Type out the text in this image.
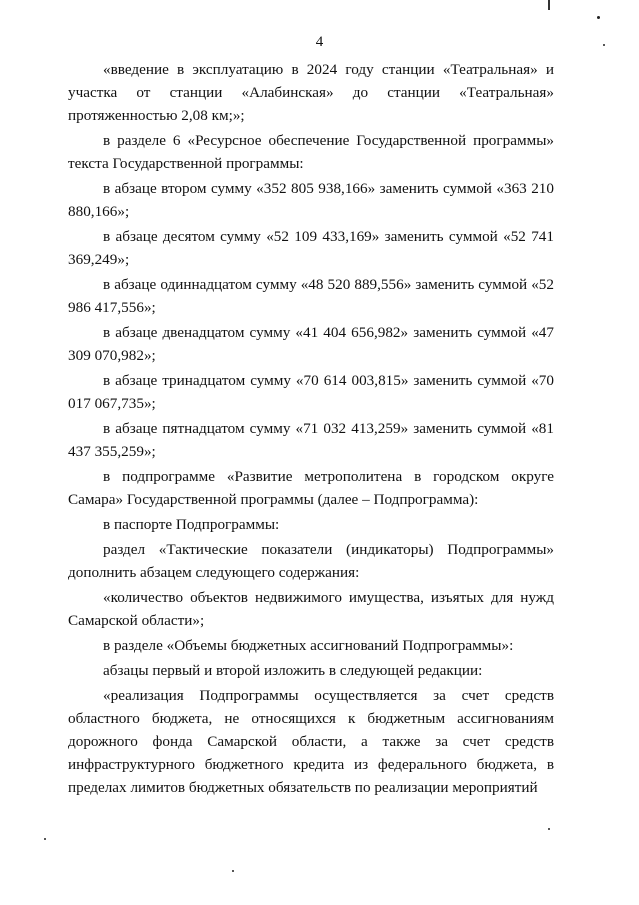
4

«введение в эксплуатацию в 2024 году станции «Театральная» и участка от станции «Алабинская» до станции «Театральная» протяженностью 2,08 км;»;

в разделе 6 «Ресурсное обеспечение Государственной программы» текста Государственной программы:

в абзаце втором сумму «352 805 938,166» заменить суммой «363 210 880,166»;

в абзаце десятом сумму «52 109 433,169» заменить суммой «52 741 369,249»;

в абзаце одиннадцатом сумму «48 520 889,556» заменить суммой «52 986 417,556»;

в абзаце двенадцатом сумму «41 404 656,982» заменить суммой «47 309 070,982»;

в абзаце тринадцатом сумму «70 614 003,815» заменить суммой «70 017 067,735»;

в абзаце пятнадцатом сумму «71 032 413,259» заменить суммой «81 437 355,259»;

в подпрограмме «Развитие метрополитена в городском округе Самара» Государственной программы (далее – Подпрограмма):

в паспорте Подпрограммы:

раздел «Тактические показатели (индикаторы) Подпрограммы» дополнить абзацем следующего содержания:

«количество объектов недвижимого имущества, изъятых для нужд Самарской области»;

в разделе «Объемы бюджетных ассигнований Подпрограммы»:

абзацы первый и второй изложить в следующей редакции:

«реализация Подпрограммы осуществляется за счет средств областного бюджета, не относящихся к бюджетным ассигнованиям дорожного фонда Самарской области, а также за счет средств инфраструктурного бюджетного кредита из федерального бюджета, в пределах лимитов бюджетных обязательств по реализации мероприятий
